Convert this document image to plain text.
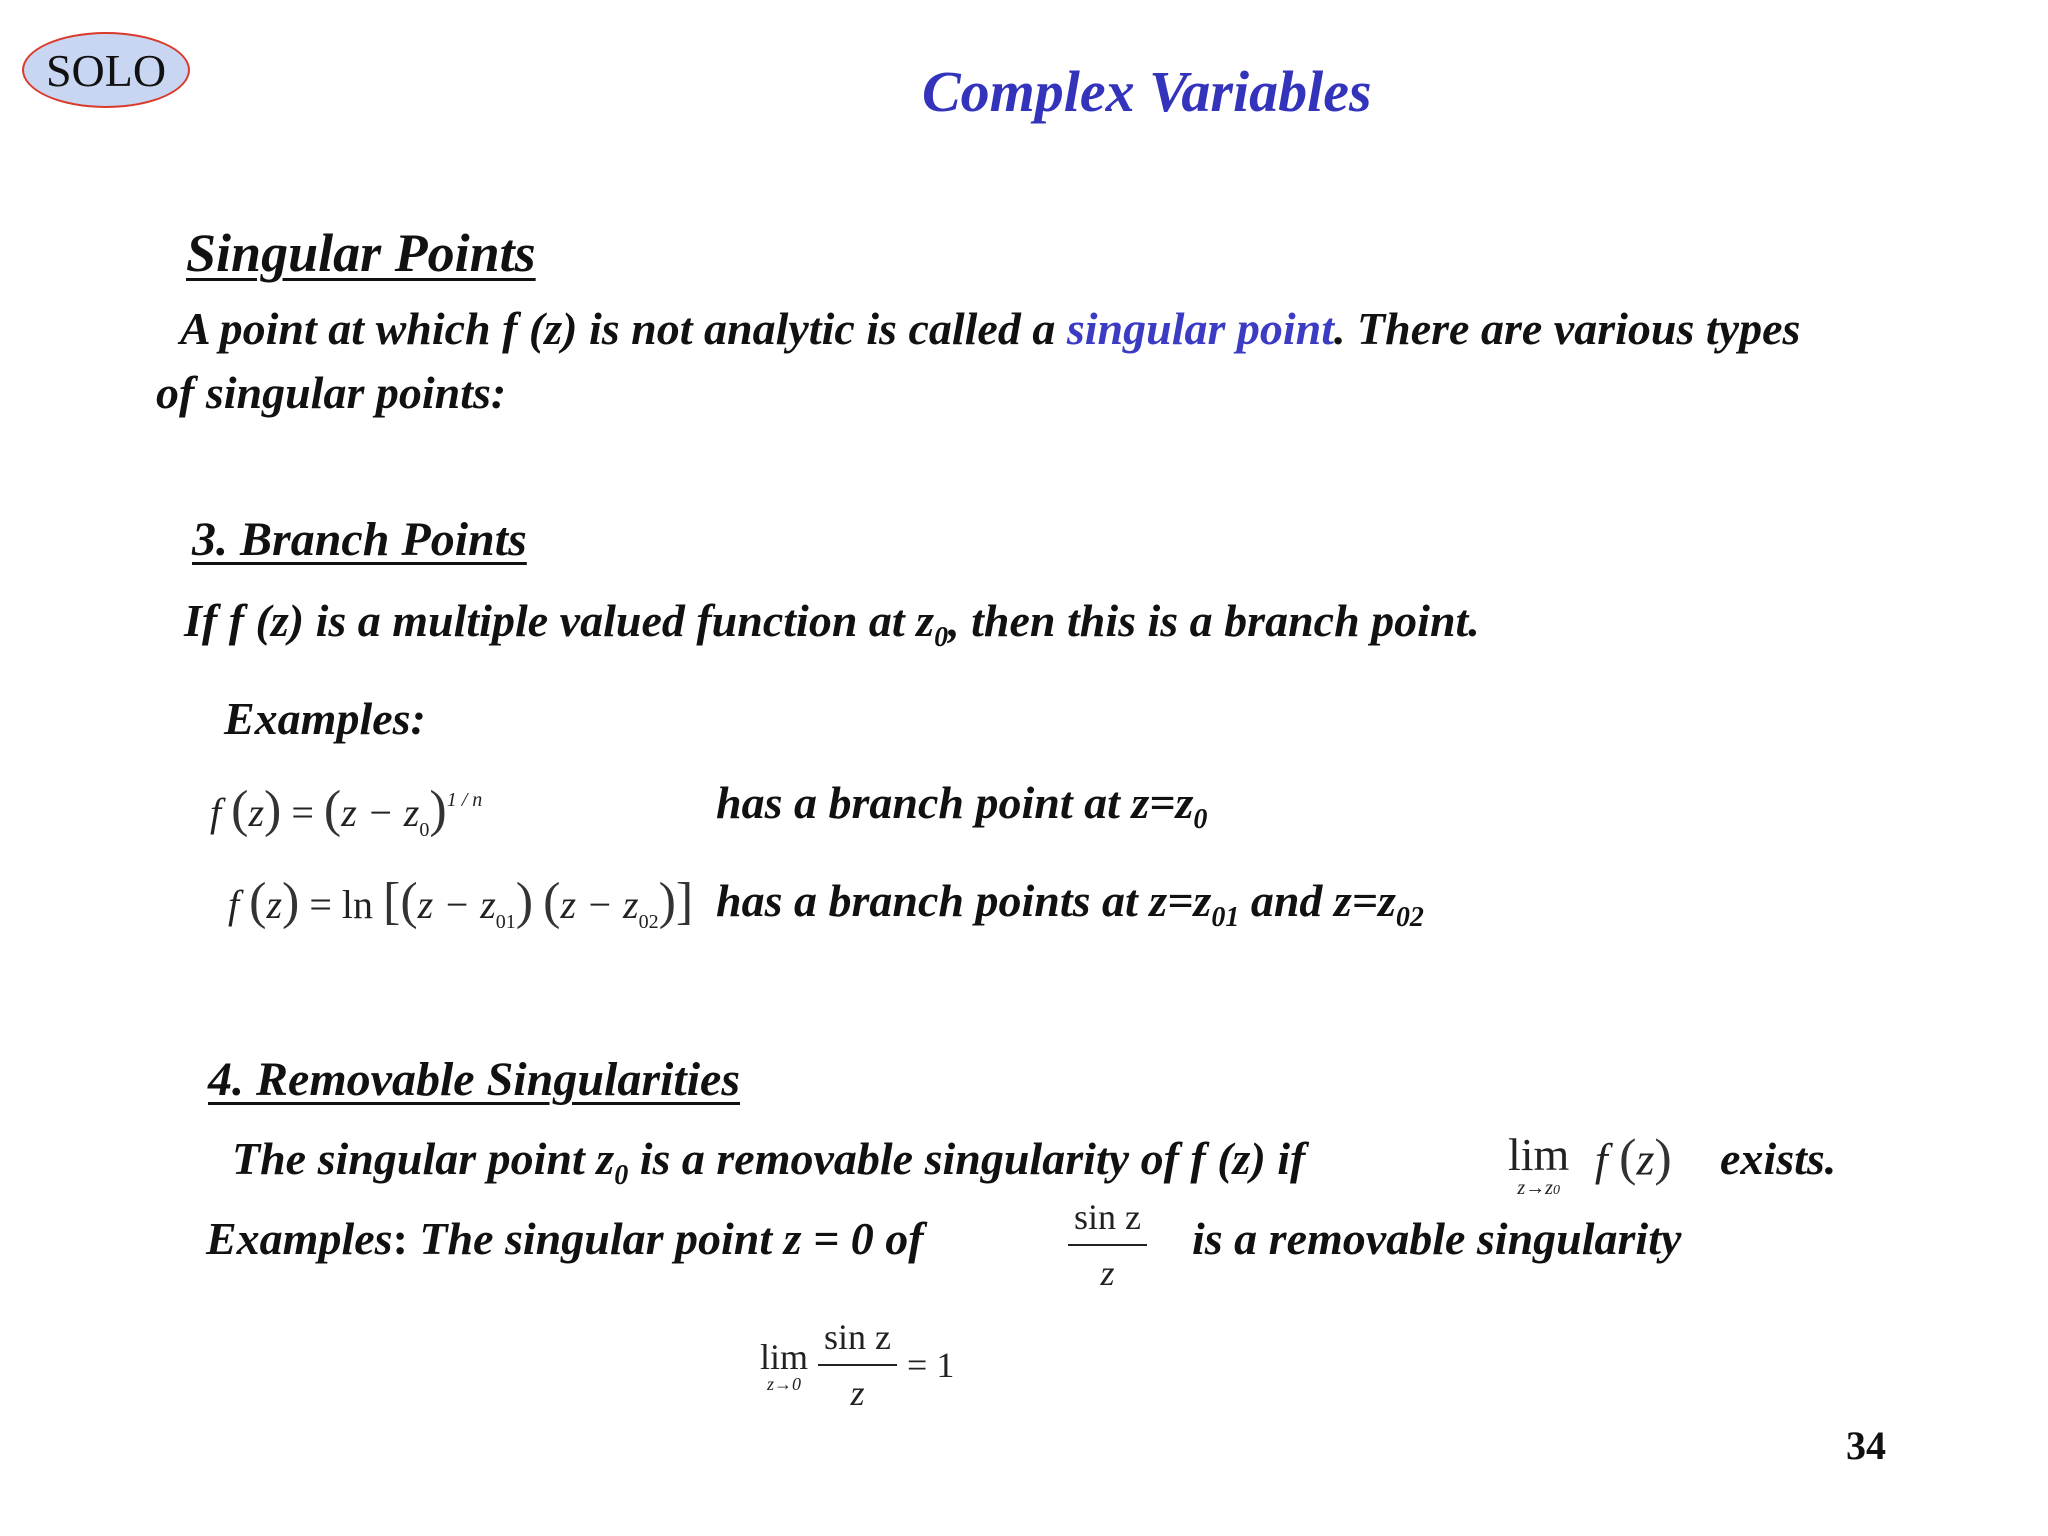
SOLO	Complex Variables
Singular Points
A point at which f (z) is not analytic is called a singular point. There are various types
of singular points:
3. Branch Points
If f (z) is a multiple valued function at $z_0$, then this is a branch point.
Examples:
f $(z) = (z - z_0)^{1 / n}$	has a branch point at $z=z_0$
f $(z) = \ln [(z - z_{01})$ $(z - z_{02})$] has a branch points at $z=z_{01}$ and $z=z_{02}$
4. Removable Singularities
The singular point $z_0$ is a removable singularity of f (z) if	lim
z→z0
f (z) exists.
Examples: The singular point z = 0 of	$\frac{\text{sin z}}{z}$ is a removable singularity
lim
$z\to 0 \frac{\text{sin z}}{z} = 1$
34
